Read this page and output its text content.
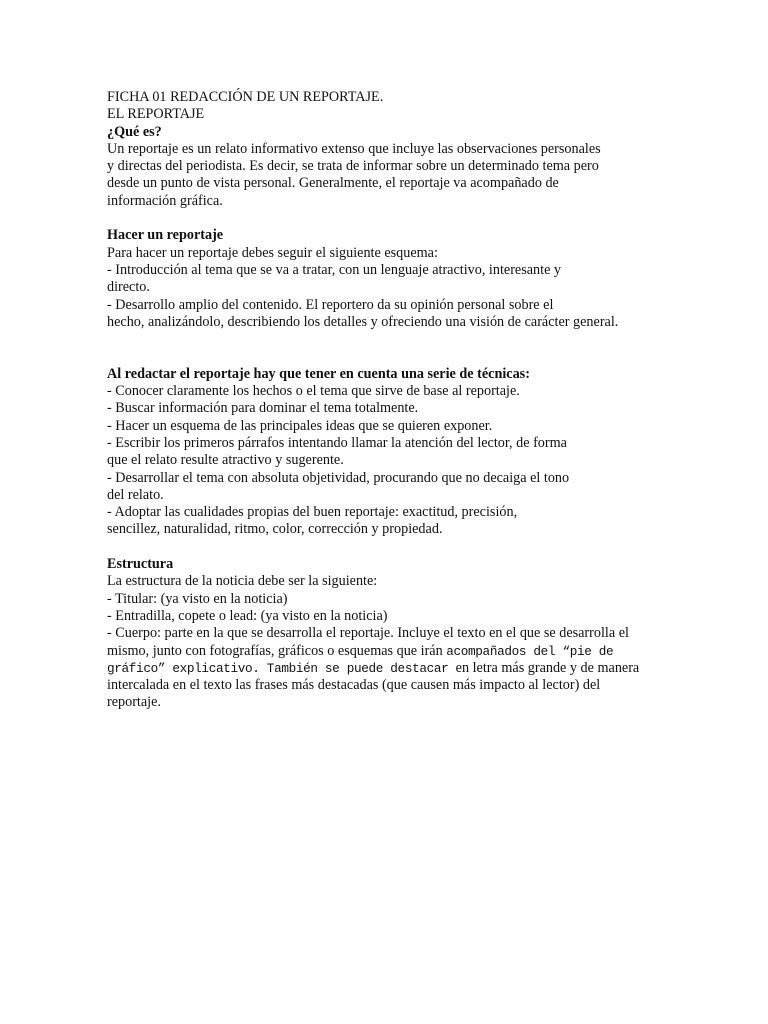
FICHA 01 REDACCIÓN DE UN REPORTAJE.
EL REPORTAJE
¿Qué es?
Un reportaje es un relato informativo extenso que incluye las observaciones personales
y directas del periodista. Es decir, se trata de informar sobre un determinado tema pero
desde un punto de vista personal. Generalmente, el reportaje va acompañado de
información gráfica.
Hacer un reportaje
Para hacer un reportaje debes seguir el siguiente esquema:
- Introducción al tema que se va a tratar, con un lenguaje atractivo, interesante y
directo.
- Desarrollo amplio del contenido. El reportero da su opinión personal sobre el
hecho, analizándolo, describiendo los detalles y ofreciendo una visión de carácter general.
Al redactar el reportaje hay que tener en cuenta una serie de técnicas:
- Conocer claramente los hechos o el tema que sirve de base al reportaje.
- Buscar información para dominar el tema totalmente.
- Hacer un esquema de las principales ideas que se quieren exponer.
- Escribir los primeros párrafos intentando llamar la atención del lector, de forma
que el relato resulte atractivo y sugerente.
- Desarrollar el tema con absoluta objetividad, procurando que no decaiga el tono
del relato.
- Adoptar las cualidades propias del buen reportaje: exactitud, precisión,
sencillez, naturalidad, ritmo, color, corrección y propiedad.
Estructura
La estructura de la noticia debe ser la siguiente:
- Titular: (ya visto en la noticia)
- Entradilla, copete o lead: (ya visto en la noticia)
- Cuerpo: parte en la que se desarrolla el reportaje. Incluye el texto en el que se desarrolla el
mismo, junto con fotografías, gráficos o esquemas que irán acompañados del “pie de
gráfico” explicativo. También se puede destacar en letra más grande y de manera
intercalada en el texto las frases más destacadas (que causen más impacto al lector) del
reportaje.
